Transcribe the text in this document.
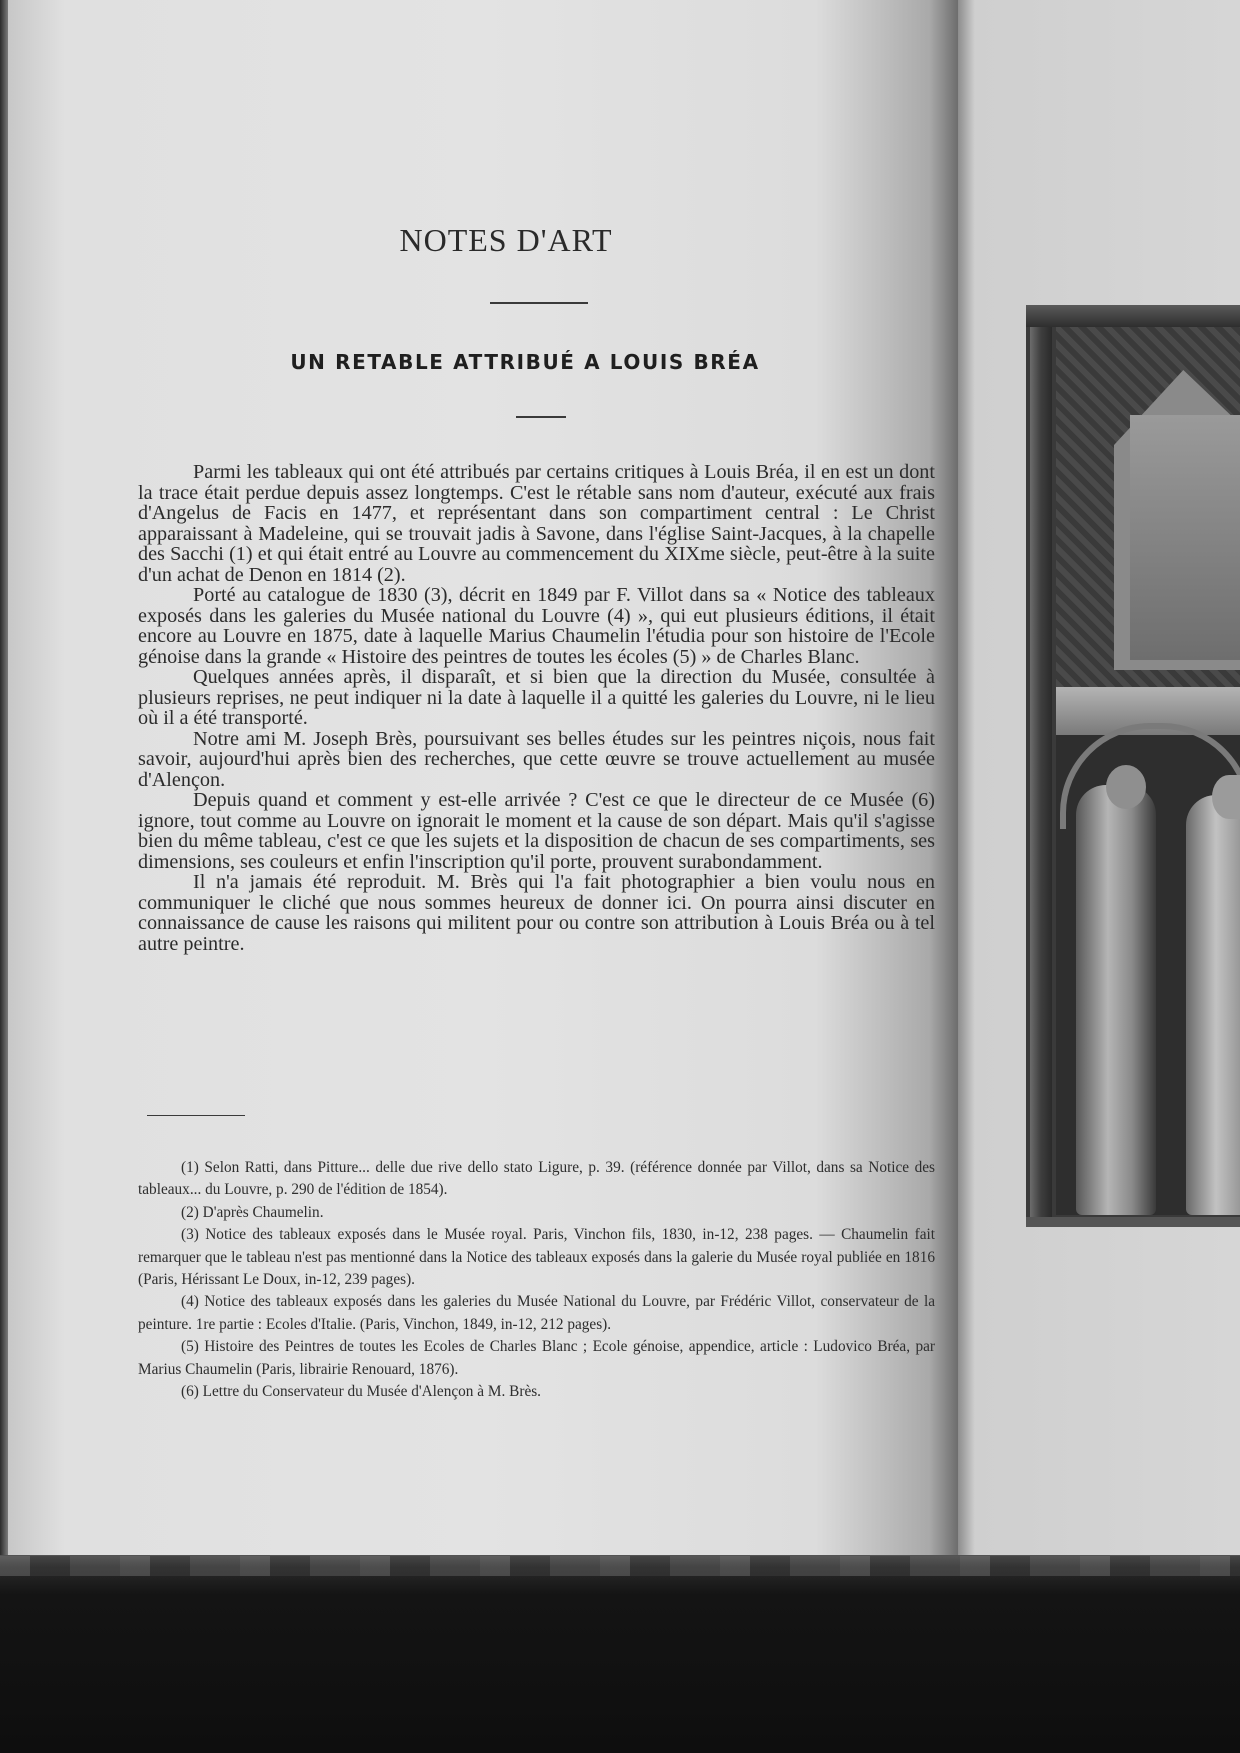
NOTES D'ART
UN RETABLE ATTRIBUÉ A LOUIS BRÉA

Parmi les tableaux qui ont été attribués par certains critiques à Louis Bréa, il en est un dont la trace était perdue depuis assez longtemps. C'est le rétable sans nom d'auteur, exécuté aux frais d'Angelus de Facis en 1477, et représentant dans son compartiment central : Le Christ apparaissant à Madeleine, qui se trouvait jadis à Savone, dans l'église Saint-Jacques, à la chapelle des Sacchi (1) et qui était entré au Louvre au commencement du XIXme siècle, peut-être à la suite d'un achat de Denon en 1814 (2).

Porté au catalogue de 1830 (3), décrit en 1849 par F. Villot dans sa « Notice des tableaux exposés dans les galeries du Musée national du Louvre (4) », qui eut plusieurs éditions, il était encore au Louvre en 1875, date à laquelle Marius Chaumelin l'étudia pour son histoire de l'Ecole génoise dans la grande « Histoire des peintres de toutes les écoles (5) » de Charles Blanc.

Quelques années après, il disparaît, et si bien que la direction du Musée, consultée à plusieurs reprises, ne peut indiquer ni la date à laquelle il a quitté les galeries du Louvre, ni le lieu où il a été transporté.

Notre ami M. Joseph Brès, poursuivant ses belles études sur les peintres niçois, nous fait savoir, aujourd'hui après bien des recherches, que cette œuvre se trouve actuellement au musée d'Alençon.

Depuis quand et comment y est-elle arrivée ? C'est ce que le directeur de ce Musée (6) ignore, tout comme au Louvre on ignorait le moment et la cause de son départ. Mais qu'il s'agisse bien du même tableau, c'est ce que les sujets et la disposition de chacun de ses compartiments, ses dimensions, ses couleurs et enfin l'inscription qu'il porte, prouvent surabondamment.

Il n'a jamais été reproduit. M. Brès qui l'a fait photographier a bien voulu nous en communiquer le cliché que nous sommes heureux de donner ici. On pourra ainsi discuter en connaissance de cause les raisons qui militent pour ou contre son attribution à Louis Bréa ou à tel autre peintre.

(1) Selon Ratti, dans Pitture... delle due rive dello stato Ligure, p. 39. (référence donnée par Villot, dans sa Notice des tableaux... du Louvre, p. 290 de l'édition de 1854).

(2) D'après Chaumelin.

(3) Notice des tableaux exposés dans le Musée royal. Paris, Vinchon fils, 1830, in-12, 238 pages. — Chaumelin fait remarquer que le tableau n'est pas mentionné dans la Notice des tableaux exposés dans la galerie du Musée royal publiée en 1816 (Paris, Hérissant Le Doux, in-12, 239 pages).

(4) Notice des tableaux exposés dans les galeries du Musée National du Louvre, par Frédéric Villot, conservateur de la peinture. 1re partie : Ecoles d'Italie. (Paris, Vinchon, 1849, in-12, 212 pages).

(5) Histoire des Peintres de toutes les Ecoles de Charles Blanc ; Ecole génoise, appendice, article : Ludovico Bréa, par Marius Chaumelin (Paris, librairie Renouard, 1876).

(6) Lettre du Conservateur du Musée d'Alençon à M. Brès.
